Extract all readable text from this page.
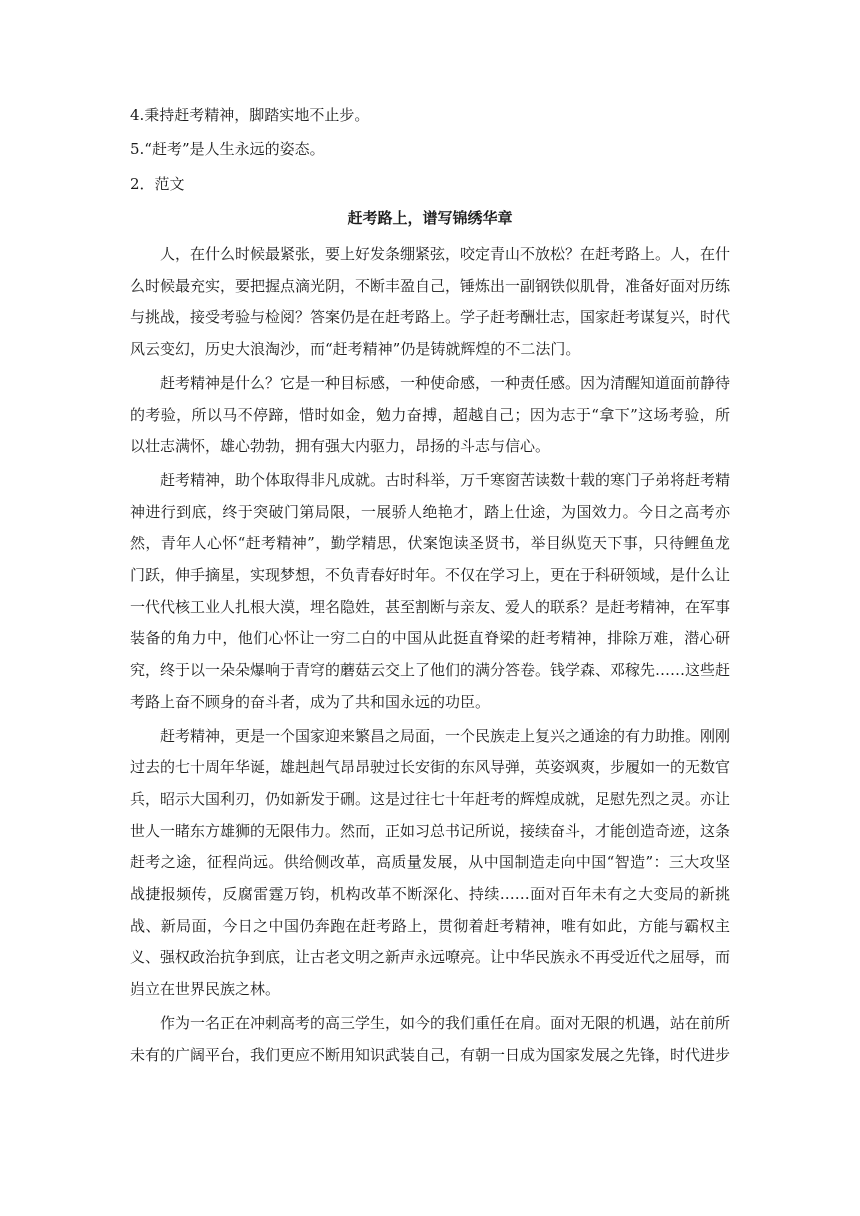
4.秉持赶考精神，脚踏实地不止步。

5.“赶考”是人生永远的姿态。

2．范文

赶考路上，谱写锦绣华章

人，在什么时候最紧张，要上好发条绷紧弦，咬定青山不放松？在赶考路上。人，在什么时候最充实，要把握点滴光阴，不断丰盈自己，锤炼出一副钢铁似肌骨，准备好面对历练与挑战，接受考验与检阅？答案仍是在赶考路上。学子赶考酬壮志，国家赶考谋复兴，时代风云变幻，历史大浪淘沙，而“赶考精神”仍是铸就辉煌的不二法门。

赶考精神是什么？它是一种目标感，一种使命感，一种责任感。因为清醒知道面前静待的考验，所以马不停蹄，惜时如金，勉力奋搏，超越自己；因为志于“拿下”这场考验，所以壮志满怀，雄心勃勃，拥有强大内驱力，昂扬的斗志与信心。

赶考精神，助个体取得非凡成就。古时科举，万千寒窗苦读数十载的寒门子弟将赶考精神进行到底，终于突破门第局限，一展骄人绝艳才，踏上仕途，为国效力。今日之高考亦然，青年人心怀“赶考精神”，勤学精思，伏案饱读圣贤书，举目纵览天下事，只待鲤鱼龙门跃，伸手摘星，实现梦想，不负青春好时年。不仅在学习上，更在于科研领域，是什么让一代代核工业人扎根大漠，埋名隐姓，甚至割断与亲友、爱人的联系？是赶考精神，在军事装备的角力中，他们心怀让一穷二白的中国从此挺直脊梁的赶考精神，排除万难，潜心研究，终于以一朵朵爆响于青穹的蘑菇云交上了他们的满分答卷。钱学森、邓稼先……这些赶考路上奋不顾身的奋斗者，成为了共和国永远的功臣。

赶考精神，更是一个国家迎来繁昌之局面，一个民族走上复兴之通途的有力助推。刚刚过去的七十周年华诞，雄赳赳气昂昂驶过长安街的东风导弹，英姿飒爽，步履如一的无数官兵，昭示大国利刃，仍如新发于硎。这是过往七十年赶考的辉煌成就，足慰先烈之灵。亦让世人一睹东方雄狮的无限伟力。然而，正如习总书记所说，接续奋斗，才能创造奇迹，这条赶考之途，征程尚远。供给侧改革，高质量发展，从中国制造走向中国“智造”：三大攻坚战捷报频传，反腐雷霆万钧，机构改革不断深化、持续……面对百年未有之大变局的新挑战、新局面，今日之中国仍奔跑在赶考路上，贯彻着赶考精神，唯有如此，方能与霸权主义、强权政治抗争到底，让古老文明之新声永远嘹亮。让中华民族永不再受近代之屈辱，而岿立在世界民族之林。

作为一名正在冲刺高考的高三学生，如今的我们重任在肩。面对无限的机遇，站在前所未有的广阔平台，我们更应不断用知识武装自己，有朝一日成为国家发展之先锋，时代进步
